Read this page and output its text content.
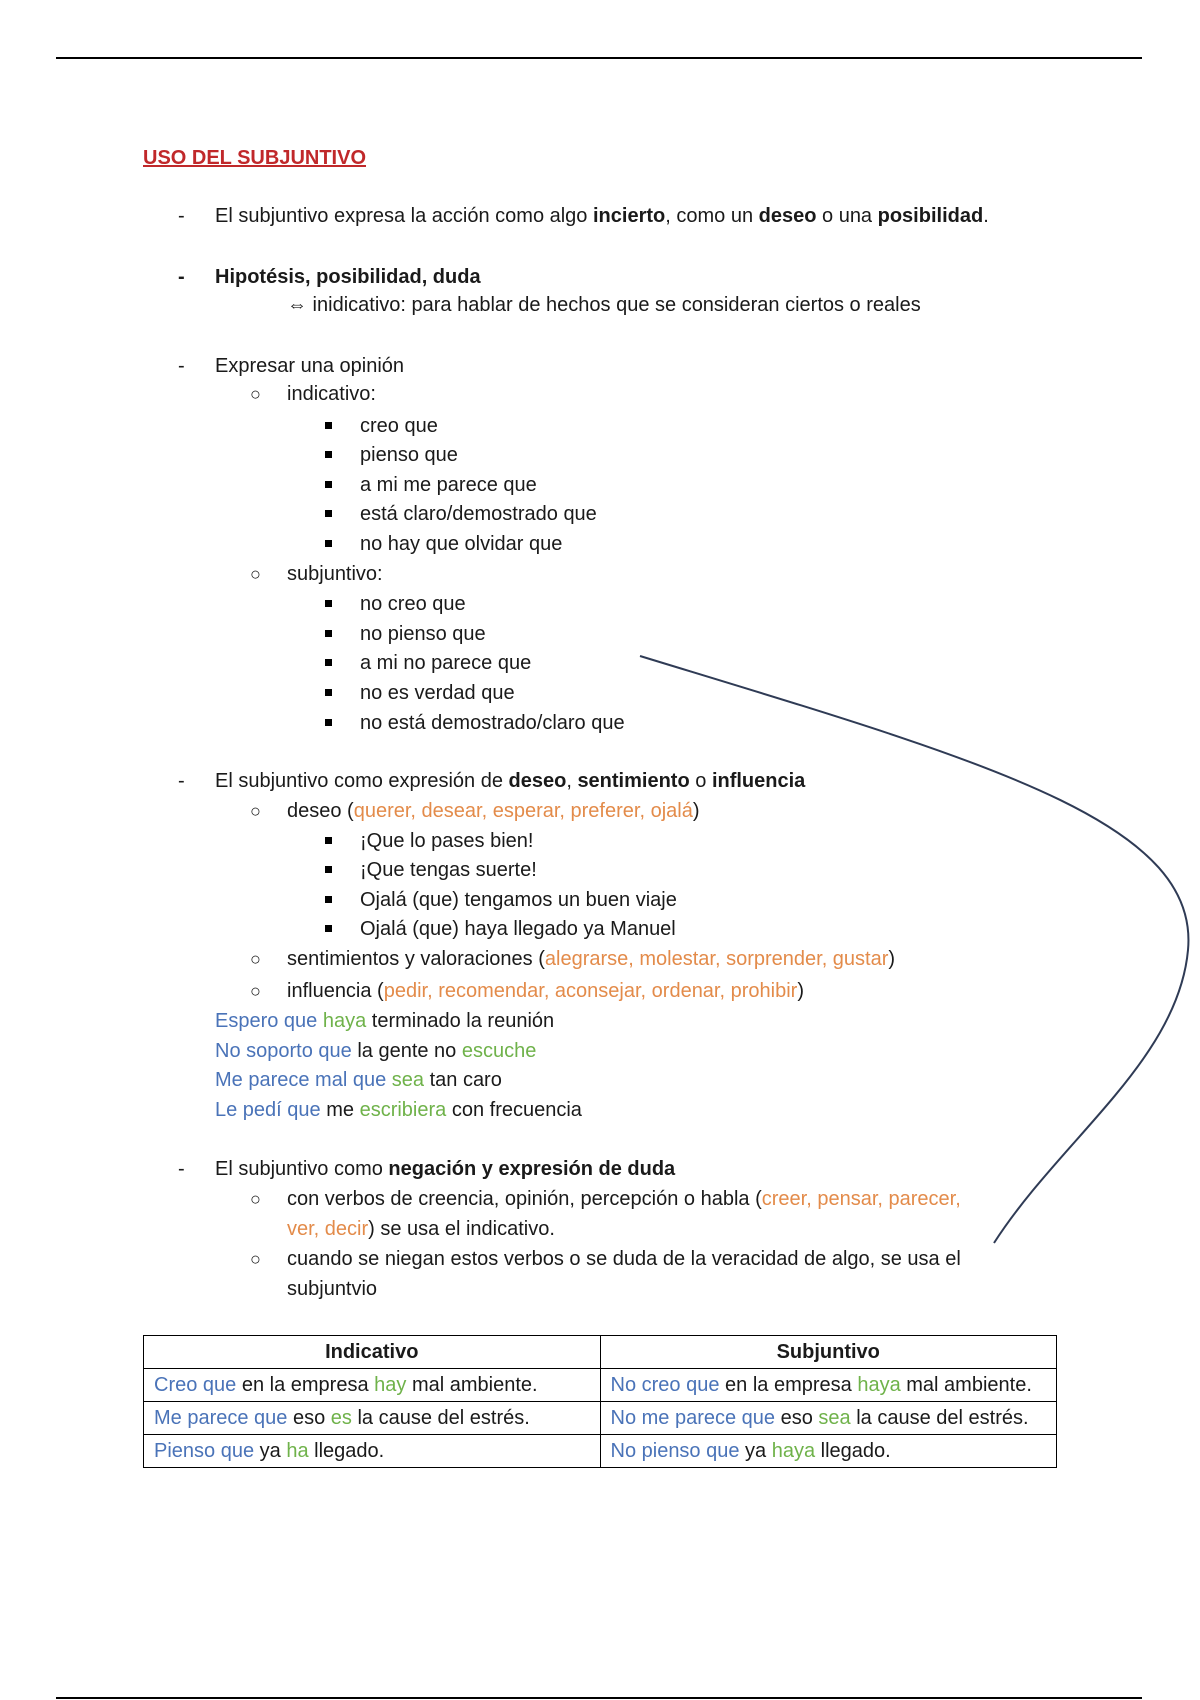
USO DEL SUBJUNTIVO
- El subjuntivo expresa la acción como algo incierto, como un deseo o una posibilidad.
- Hipotésis, posibilidad, duda
⇔ inidicativo: para hablar de hechos que se consideran ciertos o reales
- Expresar una opinión
○ indicativo:
creo que
pienso que
a mi me parece que
está claro/demostrado que
no hay que olvidar que
○ subjuntivo:
no creo que
no pienso que
a mi no parece que
no es verdad que
no está demostrado/claro que
- El subjuntivo como expresión de deseo, sentimiento o influencia
○ deseo (querer, desear, esperar, preferer, ojalá)
¡Que lo pases bien!
¡Que tengas suerte!
Ojalá (que) tengamos un buen viaje
Ojalá (que) haya llegado ya Manuel
○ sentimientos y valoraciones (alegrarse, molestar, sorprender, gustar)
○ influencia (pedir, recomendar, aconsejar, ordenar, prohibir)
Espero que haya terminado la reunión
No soporto que la gente no escuche
Me parece mal que sea tan caro
Le pedí que me escribiera con frecuencia
- El subjuntivo como negación y expresión de duda
○ con verbos de creencia, opinión, percepción o habla (creer, pensar, parecer,
ver, decir) se usa el indicativo.
○ cuando se niegan estos verbos o se duda de la veracidad de algo, se usa el
subjuntvio
Indicativo	Subjuntivo
Creo que en la empresa hay mal ambiente.	No creo que en la empresa haya mal ambiente.
Me parece que eso es la cause del estrés.	No me parece que eso sea la cause del estrés.
Pienso que ya ha llegado.	No pienso que ya haya llegado.
